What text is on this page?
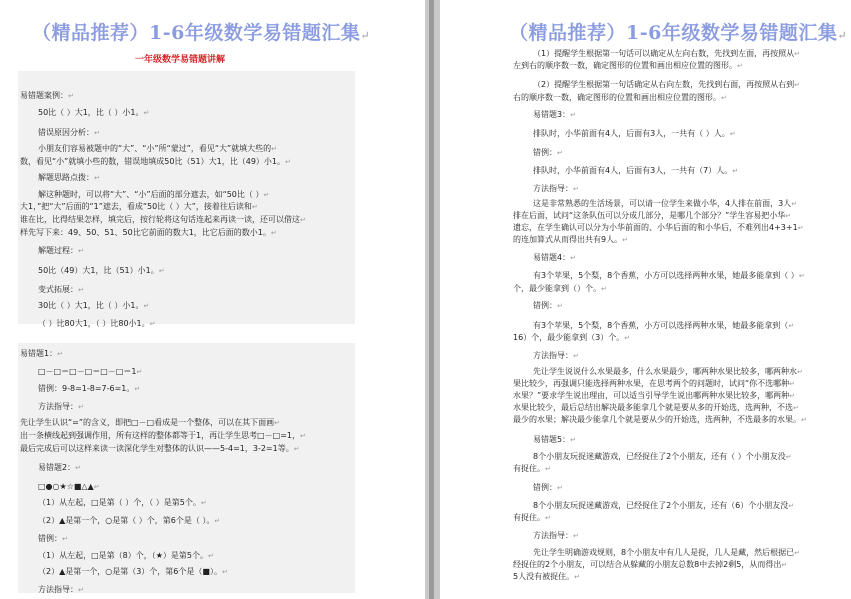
（精品推荐）1-6年级数学易错题汇集↵
一年级数学易错题讲解
易错题案例：↵
50比（ ）大1，比（ ）小1。↵
错误原因分析：↵
小朋友们容易被题中的“大”、“小”所“蒙过”，看见“大”就填大些的↵
数，看见“小”就填小些的数，错误地填成50比（51）大1，比（49）小1。↵
解题思路点拨：↵
解这种题时，可以将“大”、“小”后面的部分遮去，如“50比（ ）↵
大1，”把“大”后面的“1”遮去，看成“50比（ ）大”，接着往后读和↵
谁在比，比得结果怎样，填完后，按行轮将这句话连起来再读一读，还可以借这↵
样先写下来：49、50、51、50比它前面的数大1，比它后面的数小1。↵
解题过程：↵
50比（49）大1，比（51）小1。↵
变式拓展：↵
30比（ ）大1，比（ ）小1。↵
（ ）比80大1，（ ）比80小1。↵
易错题1：↵
□－□＝□－□＝□－□＝1↵
错例：9-8=1-8=7-6=1。↵
方法指导：↵
先让学生认识“=”的含义，即把□－□看成是一个整体，可以在其下面画↵
出一条横线起到强调作用，所有这样的整体都等于1，再让学生思考□－□=1，↵
最后完成后可以这样来读一读深化学生对整体的认识——5-4=1，3-2=1等。↵
易错题2：↵
□●○★☆■△▲↵
（1）从左起，□是第（ ）个，（ ）是第5个。↵
（2）▲是第一个，○是第（ ）个，第6个是（ ）。↵
错例：↵
（1）从左起，□是第（8）个，（★）是第5个。↵
（2）▲是第一个，○是第（3）个，第6个是（■）。↵
方法指导：↵
（精品推荐）1-6年级数学易错题汇集↵
（1）提醒学生根据第一句话可以确定从左向右数，先找到左面，再按照从↵
左到右的顺序数一数，确定图形的位置和画出相应位置的图形。↵
（2）提醒学生根据第一句话确定从右向左数，先找到右面，再按照从右到↵
右的顺序数一数，确定图形的位置和画出相应位置的图形。↵
易错题3：↵
排队时，小华前面有4人，后面有3人，一共有（ ）人。↵
错例：↵
排队时，小华前面有4人，后面有3人，一共有（7）人。↵
方法指导：↵
这是非常熟悉的生活场景，可以请一位学生来做小华，4人排在前面，3人↵
排在后面，试问“这条队伍可以分成几部分，是哪几个部分？”学生容易把小华↵
遗忘，在学生确认可以分为小华前面的、小华后面的和小华后，不难列出4+3+1↵
的连加算式从而得出共有9人。↵
易错题4：↵
有3个苹果，5个梨，8个香蕉，小方可以选择两种水果，她最多能拿到（ ）↵
个，最少能拿到（）个。↵
错例：↵
有3个苹果，5个梨，8个香蕉，小方可以选择两种水果，她最多能拿到（↵
16）个，最少能拿到（3）个。↵
方法指导：↵
先让学生说说什么水果最多，什么水果最少，哪两种水果比较多，哪两种水↵
果比较少，再强调只能选择两种水果，在思考两个的问题时，试问“你不选哪种↵
水果？”要求学生说出理由，可以适当引导学生说出哪两种水果比较多，哪两种↵
水果比较少，最后总结出解决最多能拿几个就是要从多的开始选，选两种，不选↵
最少的水果；解决最少能拿几个就是要从少的开始选，选两种，不选最多的水果。↵
易错题5：↵
8个小朋友玩捉迷藏游戏，已经捉住了2个小朋友，还有（ ）个小朋友没↵
有捉住。↵
错例：↵
8个小朋友玩捉迷藏游戏，已经捉住了2个小朋友，还有（6）个小朋友没↵
有捉住。↵
方法指导：↵
先让学生明确游戏规则，8个小朋友中有几人是捉，几人是藏，然后根据已↵
经捉住的2个小朋友，可以结合从躲藏的小朋友总数8中去掉2剩5，从而得出↵
5人没有被捉住。↵
